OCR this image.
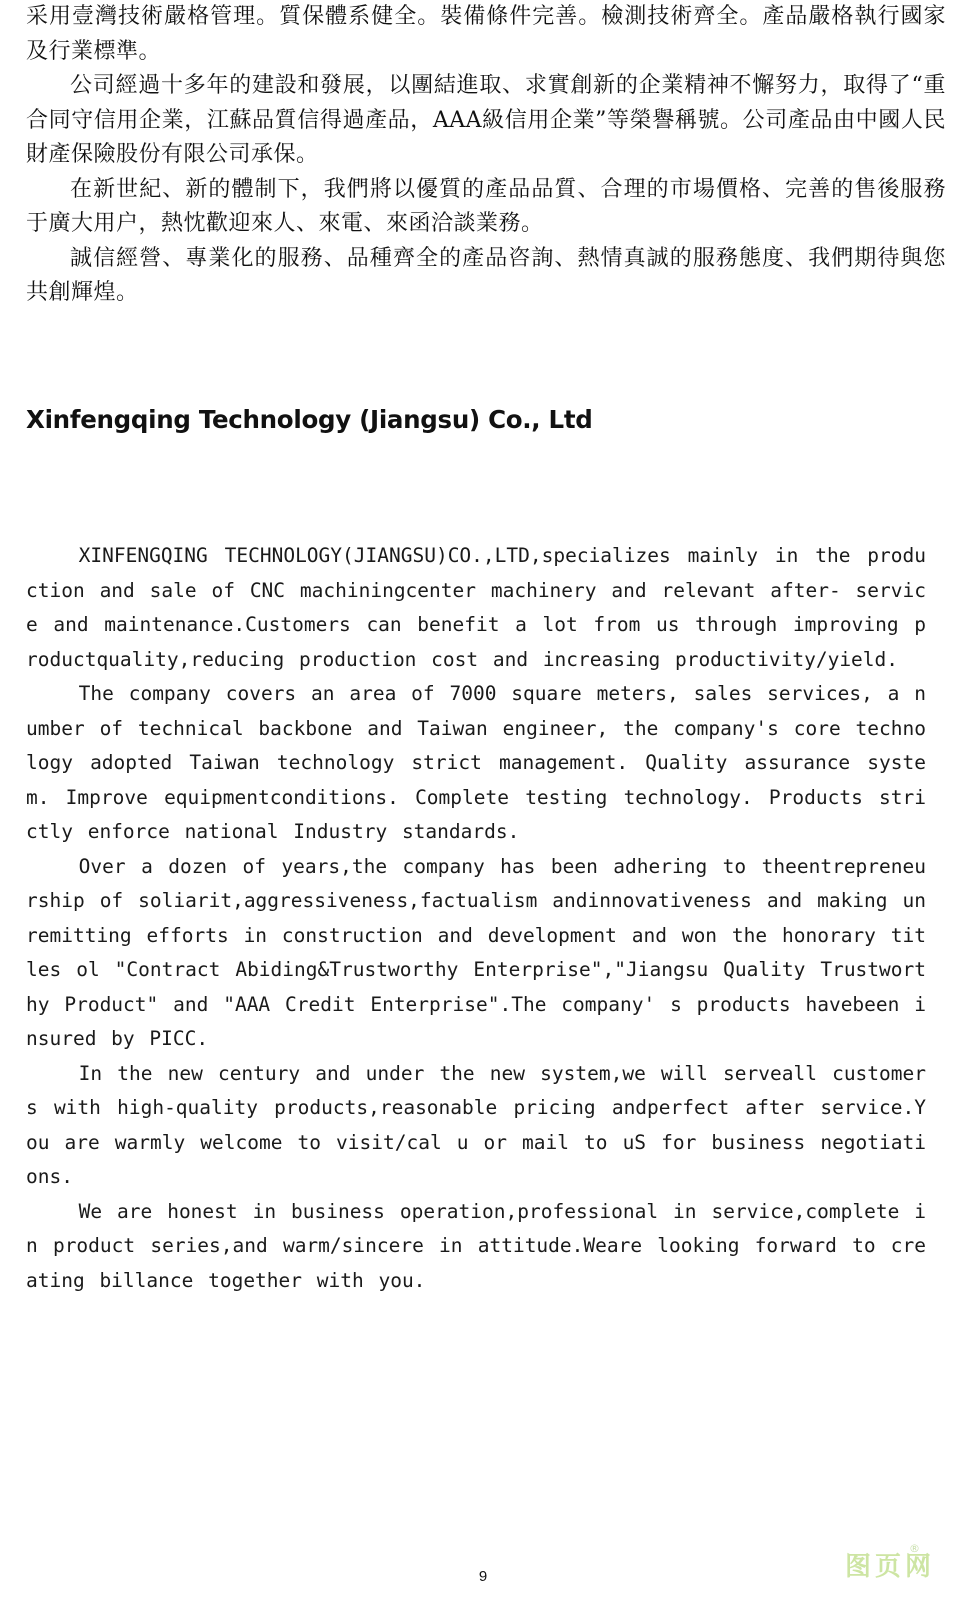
采用壹灣技術嚴格管理。質保體系健全。裝備條件完善。檢測技術齊全。產品嚴格執行國家及行業標準。

公司經過十多年的建設和發展，以團結進取、求實創新的企業精神不懈努力，取得了“重合同守信用企業，江蘇品質信得過產品，AAA級信用企業”等榮譽稱號。公司產品由中國人民財產保險股份有限公司承保。

在新世紀、新的體制下，我們將以優質的產品品質、合理的市場價格、完善的售後服務于廣大用户，熱忱歡迎來人、來電、來函洽談業務。

誠信經營、專業化的服務、品種齊全的產品咨詢、熱情真誠的服務態度、我們期待與您共創輝煌。

Xinfengqing Technology (Jiangsu) Co., Ltd

XINFENGQING TECHNOLOGY(JIANGSU)CO.,LTD,specializes mainly in the production and sale of CNC machiningcenter machinery and relevant after- service and maintenance.Customers can benefit a lot from us through improving productquality,reducing production cost and increasing productivity/yield.

The company covers an area of 7000 square meters, sales services, a number of technical backbone and Taiwan engineer, the company's core technology adopted Taiwan technology strict management. Quality assurance system. Improve equipmentconditions. Complete testing technology. Products strictly enforce national Industry standards.

Over a dozen of years,the company has been adhering to theentrepreneurship of soliarit,aggressiveness,factualism andinnovativeness and making unremitting efforts in construction and development and won the honorary titles ol "Contract Abiding&Trustworthy Enterprise","Jiangsu Quality Trustworthy Product" and "AAA Credit Enterprise".The company' s products havebeen insured by PICC.

In the new century and under the new system,we will serveall customers with high-quality products,reasonable pricing andperfect after service.You are warmly welcome to visit/cal u or mail to uS for business negotiations.

We are honest in business operation,professional in service,complete in product series,and warm/sincere in attitude.Weare looking forward to creating billance together with you.

9	图页网
®
